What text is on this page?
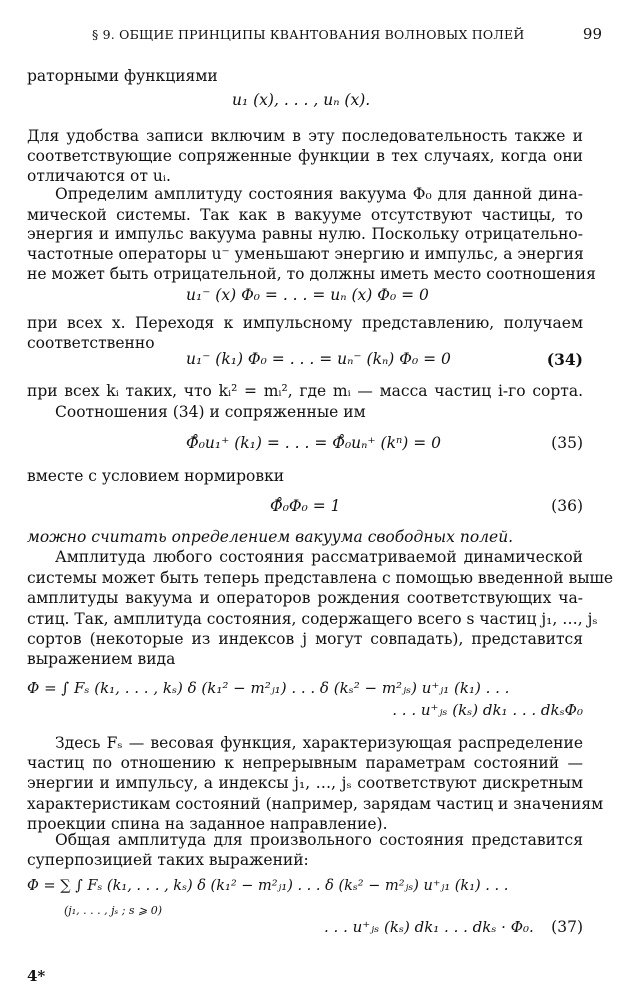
§ 9. ОБЩИЕ ПРИНЦИПЫ КВАНТОВАНИЯ ВОЛНОВЫХ ПОЛЕЙ	99
раторными функциями
u₁ (x), . . . , uₙ (x).
Для удобства записи включим в эту последовательность также и
соответствующие сопряженные функции в тех случаях, когда они
отличаются от uᵢ.
Определим амплитуду состояния вакуума Φ₀ для данной дина-
мической системы. Так как в вакууме отсутствуют частицы, то
энергия и импульс вакуума равны нулю. Поскольку отрицательно-
частотные операторы u⁻ уменьшают энергию и импульс, а энергия
не может быть отрицательной, то должны иметь место соотношения
u₁⁻ (x) Φ₀ = . . . = uₙ (x) Φ₀ = 0
при всех x. Переходя к импульсному представлению, получаем
соответственно
u₁⁻ (k₁) Φ₀ = . . . = uₙ⁻ (kₙ) Φ₀ = 0	(34)
при всех kᵢ таких, что kᵢ² = mᵢ², где mᵢ — масса частиц i-го сорта.
Соотношения (34) и сопряженные им
Φ̊₀u₁⁺ (k₁) = . . . = Φ̊₀uₙ⁺ (kⁿ) = 0	(35)
вместе с условием нормировки
Φ̊₀Φ₀ = 1	(36)
можно считать определением вакуума свободных полей.
Амплитуда любого состояния рассматриваемой динамической
системы может быть теперь представлена с помощью введенной выше
амплитуды вакуума и операторов рождения соответствующих ча-
стиц. Так, амплитуда состояния, содержащего всего s частиц j₁, …, jₛ
сортов (некоторые из индексов j могут совпадать), представится
выражением вида
Φ = ∫ Fₛ (k₁, . . . , kₛ) δ (k₁² − m²ⱼ₁) . . . δ (kₛ² − m²ⱼₛ) u⁺ⱼ₁ (k₁) . . .
. . . u⁺ⱼₛ (kₛ) dk₁ . . . dkₛΦ₀
Здесь Fₛ — весовая функция, характеризующая распределение
частиц по отношению к непрерывным параметрам состояний —
энергии и импульсу, а индексы j₁, …, jₛ соответствуют дискретным
характеристикам состояний (например, зарядам частиц и значениям
проекции спина на заданное направление).
Общая амплитуда для произвольного состояния представится
суперпозицией таких выражений:
Φ = ∑ ∫ Fₛ (k₁, . . . , kₛ) δ (k₁² − m²ⱼ₁) . . . δ (kₛ² − m²ⱼₛ) u⁺ⱼ₁ (k₁) . . .
(j₁, . . . , jₛ ; s ⩾ 0)
. . . u⁺ⱼₛ (kₛ) dk₁ . . . dkₛ · Φ₀. (37)
4*
